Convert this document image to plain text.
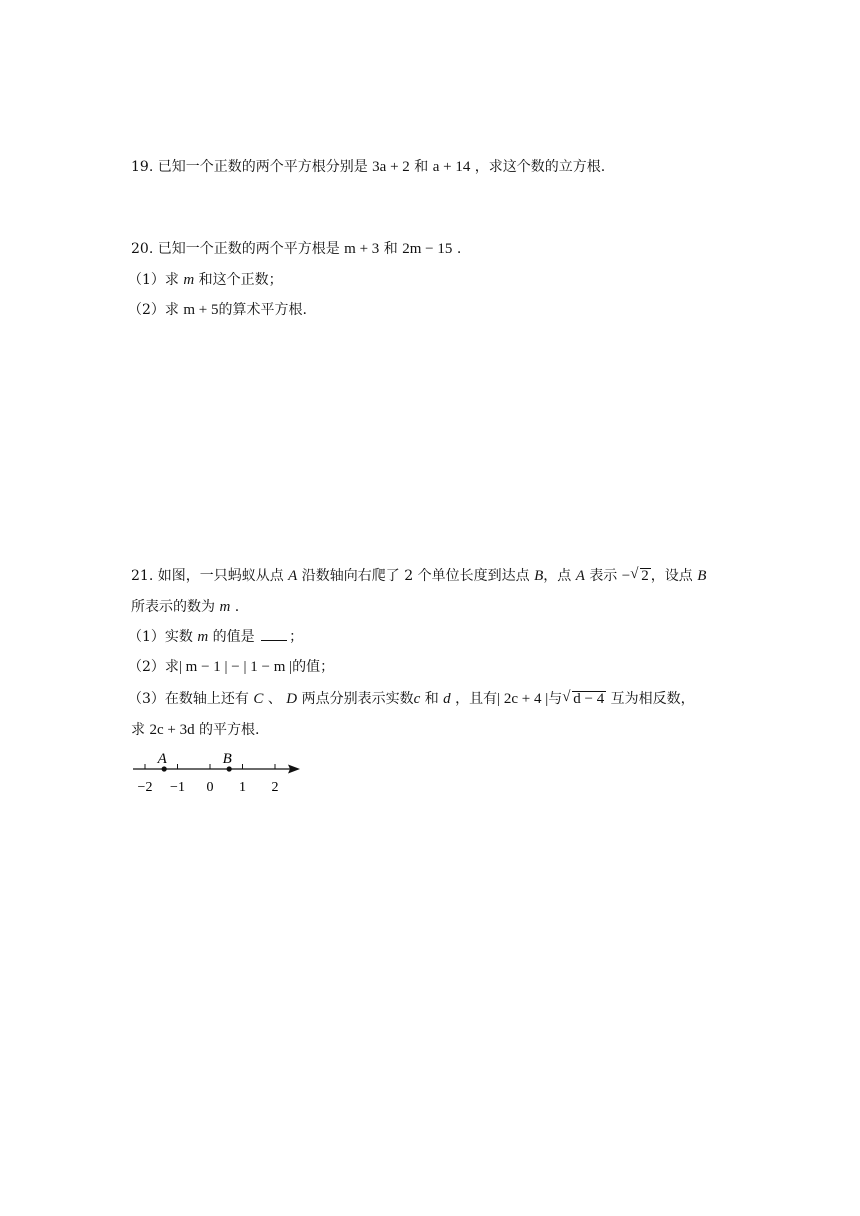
19. 已知一个正数的两个平方根分别是 3a + 2 和 a + 14 ，求这个数的立方根.
20. 已知一个正数的两个平方根是 m + 3 和 2m − 15 .
（1）求 m 和这个正数；
（2）求 m + 5的算术平方根.
21. 如图，一只蚂蚁从点 A 沿数轴向右爬了 2 个单位长度到达点 B，点 A 表示 − √ 2 ，设点 B
所表示的数为 m .
（1）实数 m 的值是 ；
（2）求| m − 1 | − | 1 − m |的值；
（3）在数轴上还有 C 、 D 两点分别表示实数c 和 d ，且有| 2c + 4 |与 √ d − 4 互为相反数，
求 2c + 3d 的平方根.
−2 −1 0 1 2
A	B
